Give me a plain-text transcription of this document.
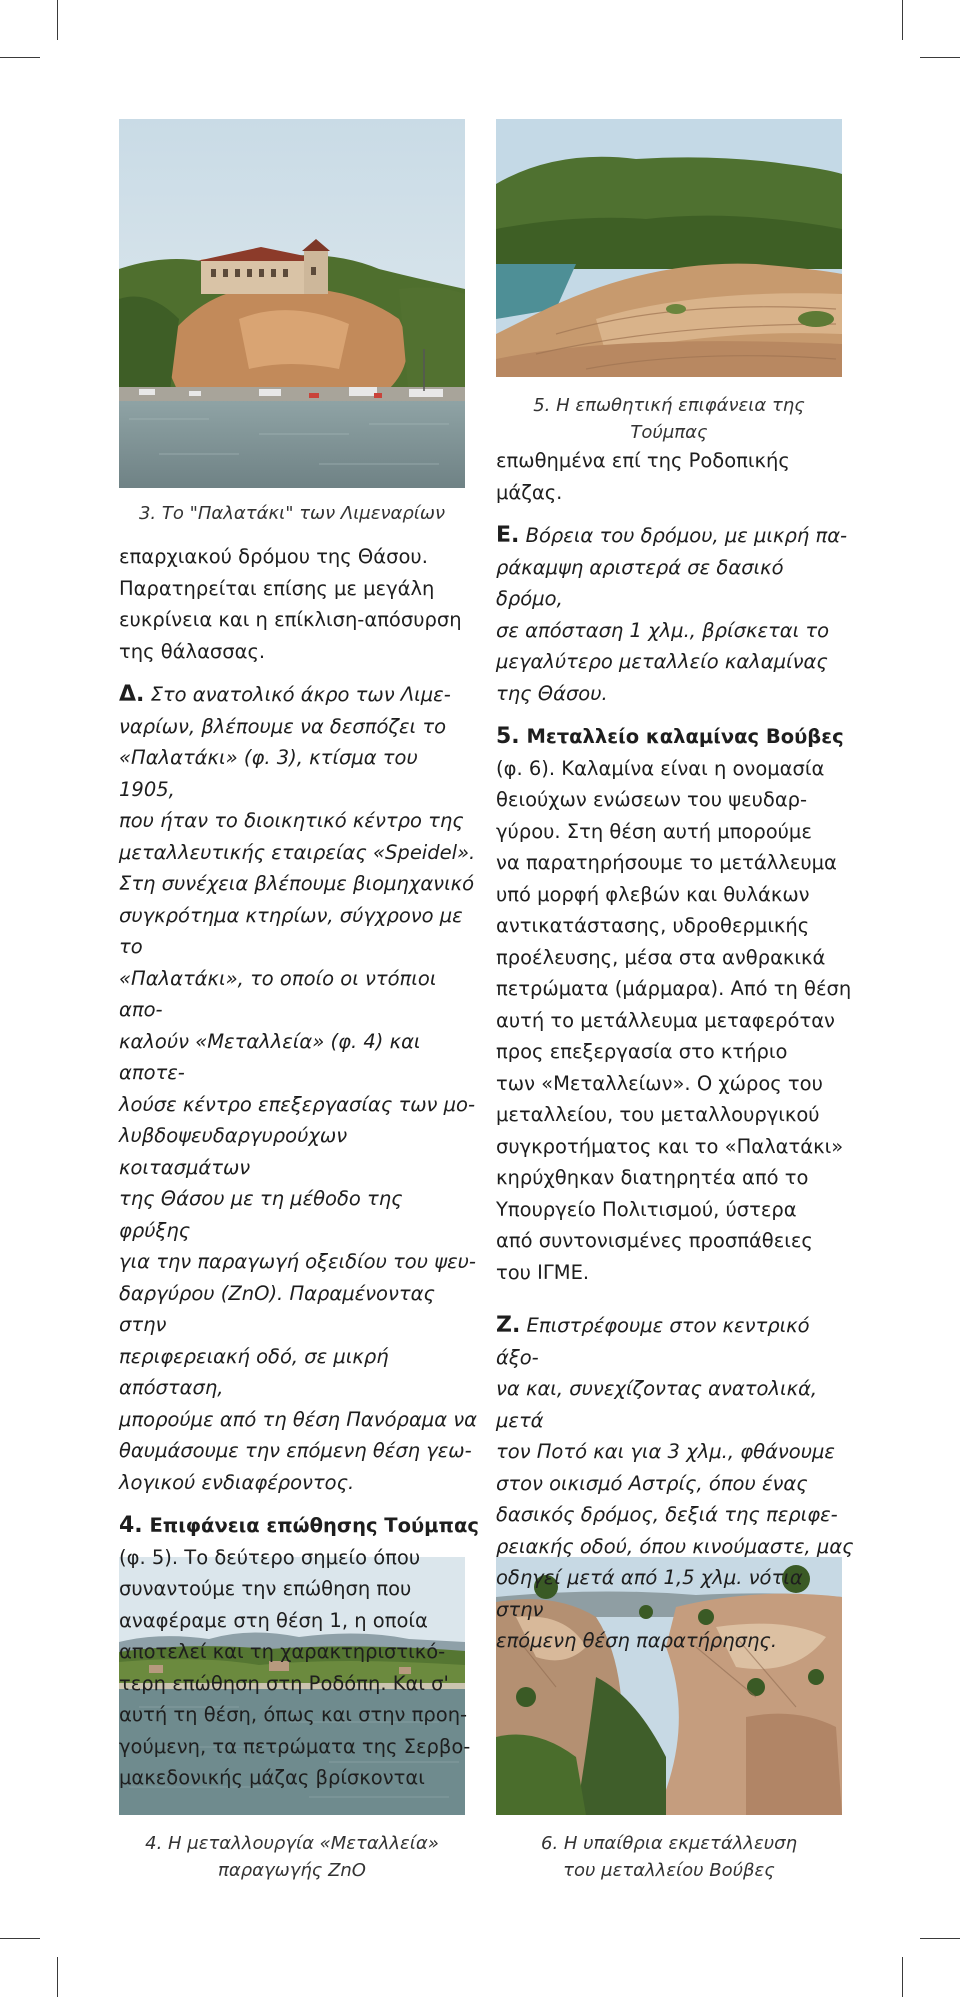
3. Το "Παλατάκι" των Λιμεναρίων
5. Η επωθητική επιφάνεια της Τούμπας
4. Η μεταλλουργία «Μεταλλεία»
παραγωγής ZnO
6. Η υπαίθρια εκμετάλλευση
του μεταλλείου Βούβες

επαρχιακού δρόμου της Θάσου.

Παρατηρείται επίσης με μεγάλη

ευκρίνεια και η επίκλιση-απόσυρση

της θάλασσας.

Δ. Στο ανατολικό άκρο των Λιμε-

ναρίων, βλέπουμε να δεσπόζει το

«Παλατάκι» (φ. 3), κτίσμα του 1905,

που ήταν το διοικητικό κέντρο της

μεταλλευτικής εταιρείας «Speidel».

Στη συνέχεια βλέπουμε βιομηχανικό

συγκρότημα κτηρίων, σύγχρονο με το

«Παλατάκι», το οποίο οι ντόπιοι απο-

καλούν «Μεταλλεία» (φ. 4) και αποτε-

λούσε κέντρο επεξεργασίας των μο-

λυβδοψευδαργυρούχων κοιτασμάτων

της Θάσου με τη μέθοδο της φρύξης

για την παραγωγή οξειδίου του ψευ-

δαργύρου (ZnO). Παραμένοντας στην

περιφερειακή οδό, σε μικρή απόσταση,

μπορούμε από τη θέση Πανόραμα να

θαυμάσουμε την επόμενη θέση γεω-

λογικού ενδιαφέροντος.

4. Επιφάνεια επώθησης Τούμπας

(φ. 5). Το δεύτερο σημείο όπου

συναντούμε την επώθηση που

αναφέραμε στη θέση 1, η οποία

αποτελεί και τη χαρακτηριστικό-

τερη επώθηση στη Ροδόπη. Και σ'

αυτή τη θέση, όπως και στην προη-

γούμενη, τα πετρώματα της Σερβο-

μακεδονικής μάζας βρίσκονται

επωθημένα επί της Ροδοπικής

μάζας.

Ε. Βόρεια του δρόμου, με μικρή πα-

ράκαμψη αριστερά σε δασικό δρόμο,

σε απόσταση 1 χλμ., βρίσκεται το

μεγαλύτερο μεταλλείο καλαμίνας

της Θάσου.

5. Μεταλλείο καλαμίνας Βούβες

(φ. 6). Καλαμίνα είναι η ονομασία

θειούχων ενώσεων του ψευδαρ-

γύρου. Στη θέση αυτή μπορούμε

να παρατηρήσουμε το μετάλλευμα

υπό μορφή φλεβών και θυλάκων

αντικατάστασης, υδροθερμικής

προέλευσης, μέσα στα ανθρακικά

πετρώματα (μάρμαρα). Από τη θέση

αυτή το μετάλλευμα μεταφερόταν

προς επεξεργασία στο κτήριο

των «Μεταλλείων». Ο χώρος του

μεταλλείου, του μεταλλουργικού

συγκροτήματος και το «Παλατάκι»

κηρύχθηκαν διατηρητέα από το

Υπουργείο Πολιτισμού, ύστερα

από συντονισμένες προσπάθειες

του ΙΓΜΕ.

Ζ. Επιστρέφουμε στον κεντρικό άξο-

να και, συνεχίζοντας ανατολικά, μετά

τον Ποτό και για 3 χλμ., φθάνουμε

στον οικισμό Αστρίς, όπου ένας

δασικός δρόμος, δεξιά της περιφε-

ρειακής οδού, όπου κινούμαστε, μας

οδηγεί μετά από 1,5 χλμ. νότια στην

επόμενη θέση παρατήρησης.
